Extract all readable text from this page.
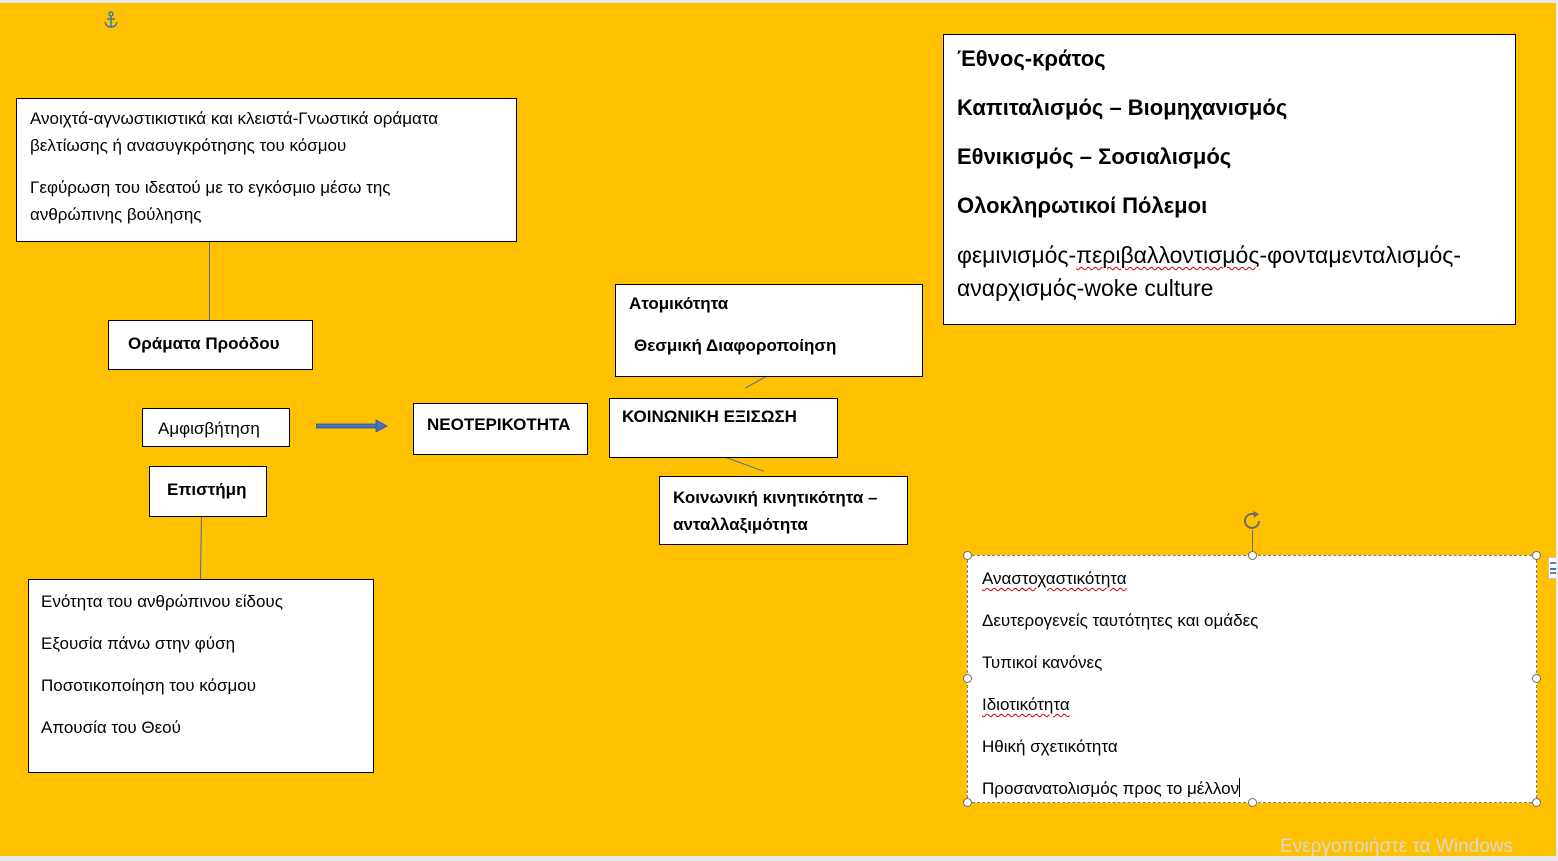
Ανοιχτά-αγνωστικιστικά και κλειστά-Γνωστικά οράματα

βελτίωσης ή ανασυγκρότησης του κόσμου

Γεφύρωση του ιδεατού με το εγκόσμιο μέσω της

ανθρώπινης βούλησης

Οράματα Προόδου

Αμφισβήτηση

Επιστήμη

Ενότητα του ανθρώπινου είδους

Εξουσία πάνω στην φύση

Ποσοτικοποίηση του κόσμου

Απουσία του Θεού

ΝΕΟΤΕΡΙΚΟΤΗΤΑ

Ατομικότητα

Θεσμική Διαφοροποίηση

ΚΟΙΝΩΝΙΚΗ ΕΞΙΣΩΣΗ

Κοινωνική κινητικότητα –

ανταλλαξιμότητα

Έθνος-κράτος

Καπιταλισμός – Βιομηχανισμός

Εθνικισμός – Σοσιαλισμός

Ολοκληρωτικοί Πόλεμοι

φεμινισμός-περιβαλλοντισμός-φονταμενταλισμός-

αναρχισμός-woke culture

Αναστοχαστικότητα

Δευτερογενείς ταυτότητες και ομάδες

Τυπικοί κανόνες

Ιδιοτικότητα

Ηθική σχετικότητα

Προσανατολισμός προς το μέλλον

Ενεργοποιήστε τα Windows
